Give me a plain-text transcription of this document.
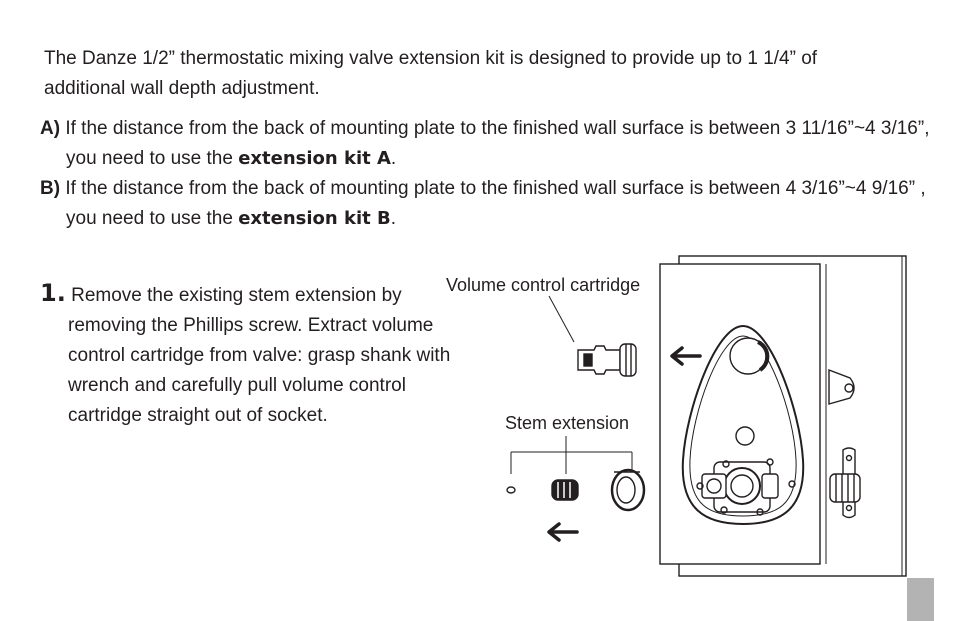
The Danze 1/2” thermostatic mixing valve extension kit is designed to provide up to 1 1/4” of additional wall depth adjustment.

A) If the distance from the back of mounting plate to the finished wall surface is between 3 11/16”~4 3/16”, you need to use the extension kit A.

B) If the distance from the back of mounting plate to the finished wall surface is between 4 3/16”~4 9/16” , you need to use the extension kit B.

1. Remove the existing stem extension by removing the Phillips screw. Extract volume control cartridge from valve: grasp shank with wrench and carefully pull volume control cartridge straight out of socket.

Volume control cartridge
Stem extension
